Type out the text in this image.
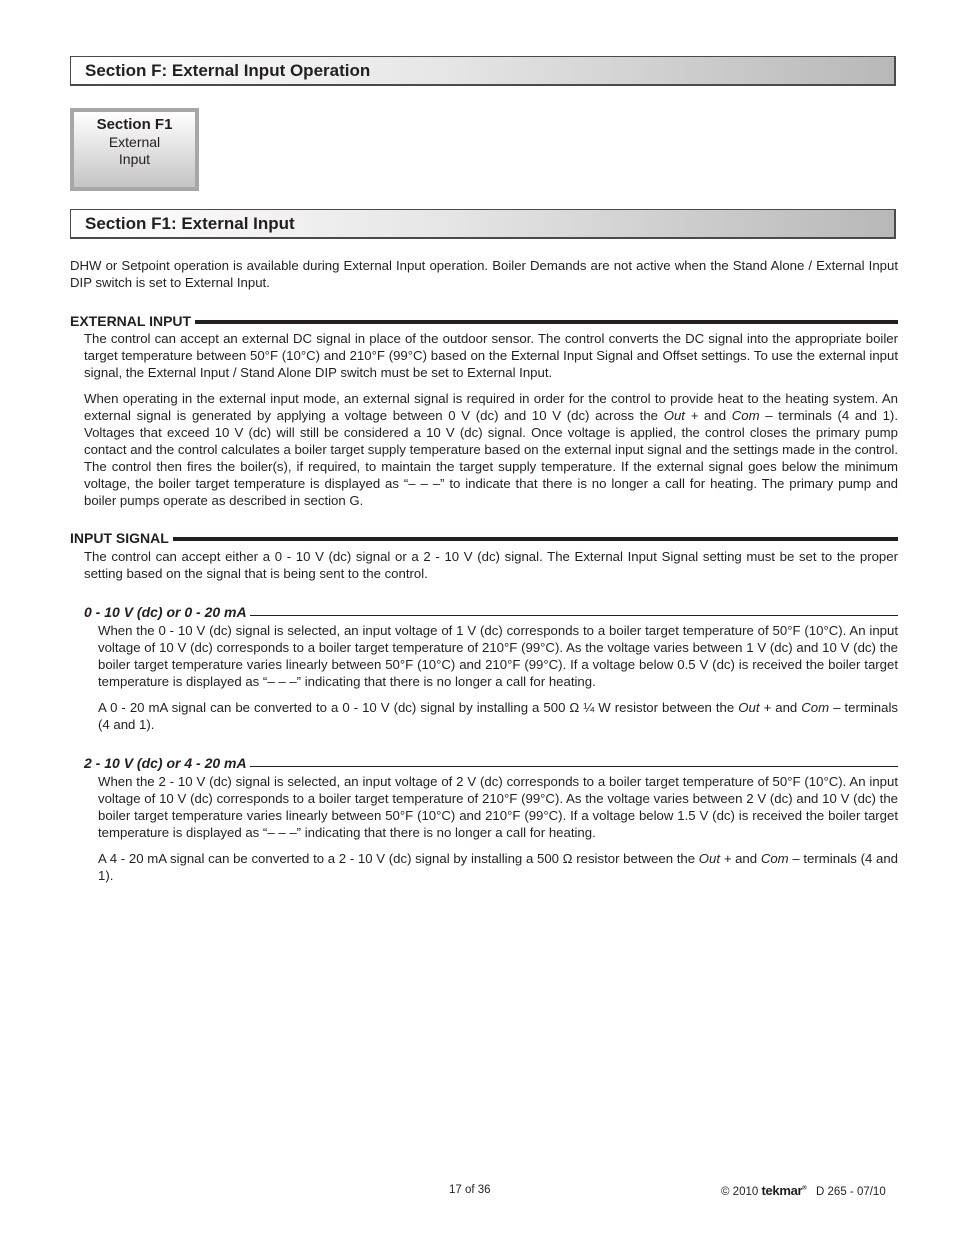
Section F: External Input Operation
Section F1
External
Input
Section F1: External Input
DHW or Setpoint operation is available during External Input operation. Boiler Demands are not active when the Stand Alone / External Input DIP switch is set to External Input.
EXTERNAL INPUT
The control can accept an external DC signal in place of the outdoor sensor. The control converts the DC signal into the appropriate boiler target temperature between 50°F (10°C) and 210°F (99°C) based on the External Input Signal and Offset settings. To use the external input signal, the External Input / Stand Alone DIP switch must be set to External Input.
When operating in the external input mode, an external signal is required in order for the control to provide heat to the heating system. An external signal is generated by applying a voltage between 0 V (dc) and 10 V (dc) across the Out + and Com – terminals (4 and 1). Voltages that exceed 10 V (dc) will still be considered a 10 V (dc) signal. Once voltage is applied, the control closes the primary pump contact and the control calculates a boiler target supply temperature based on the external input signal and the settings made in the control. The control then fires the boiler(s), if required, to maintain the target supply temperature. If the external signal goes below the minimum voltage, the boiler target temperature is displayed as “– – –” to indicate that there is no longer a call for heating. The primary pump and boiler pumps operate as described in section G.
INPUT SIGNAL
The control can accept either a 0 - 10 V (dc) signal or a 2 - 10 V (dc) signal. The External Input Signal setting must be set to the proper setting based on the signal that is being sent to the control.
0 - 10 V (dc) or 0 - 20 mA
When the 0 - 10 V (dc) signal is selected, an input voltage of 1 V (dc) corresponds to a boiler target temperature of 50°F (10°C). An input voltage of 10 V (dc) corresponds to a boiler target temperature of 210°F (99°C). As the voltage varies between 1 V (dc) and 10 V (dc) the boiler target temperature varies linearly between 50°F (10°C) and 210°F (99°C). If a voltage below 0.5 V (dc) is received the boiler target temperature is displayed as “– – –” indicating that there is no longer a call for heating.
A 0 - 20 mA signal can be converted to a 0 - 10 V (dc) signal by installing a 500 Ω ¼ W resistor between the Out + and Com – terminals (4 and 1).
2 - 10 V (dc) or 4 - 20 mA
When the 2 - 10 V (dc) signal is selected, an input voltage of 2 V (dc) corresponds to a boiler target temperature of 50°F (10°C). An input voltage of 10 V (dc) corresponds to a boiler target temperature of 210°F (99°C). As the voltage varies between 2 V (dc) and 10 V (dc) the boiler target temperature varies linearly between 50°F (10°C) and 210°F (99°C). If a voltage below 1.5 V (dc) is received the boiler target temperature is displayed as “– – –” indicating that there is no longer a call for heating.
A 4 - 20 mA signal can be converted to a 2 - 10 V (dc) signal by installing a 500 Ω resistor between the Out + and Com – terminals (4 and 1).
17 of 36	© 2010 tekmar® D 265 - 07/10
